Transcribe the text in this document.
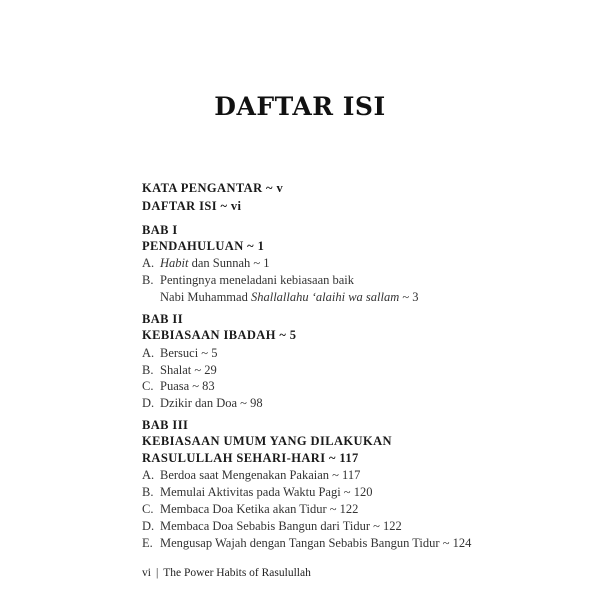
DAFTAR ISI
KATA PENGANTAR ~ v
DAFTAR ISI ~ vi
BAB I
PENDAHULUAN ~ 1
A. Habit dan Sunnah ~ 1
B. Pentingnya meneladani kebiasaan baik
Nabi Muhammad Shallallahu ‘alaihi wa sallam ~ 3
BAB II
KEBIASAAN IBADAH ~ 5
A. Bersuci ~ 5
B. Shalat ~ 29
C. Puasa ~ 83
D. Dzikir dan Doa ~ 98
BAB III
KEBIASAAN UMUM YANG DILAKUKAN
RASULULLAH SEHARI-HARI ~ 117
A. Berdoa saat Mengenakan Pakaian ~ 117
B. Memulai Aktivitas pada Waktu Pagi ~ 120
C. Membaca Doa Ketika akan Tidur ~ 122
D. Membaca Doa Sebabis Bangun dari Tidur ~ 122
E. Mengusap Wajah dengan Tangan Sebabis Bangun Tidur ~ 124
vi | The Power Habits of Rasulullah
